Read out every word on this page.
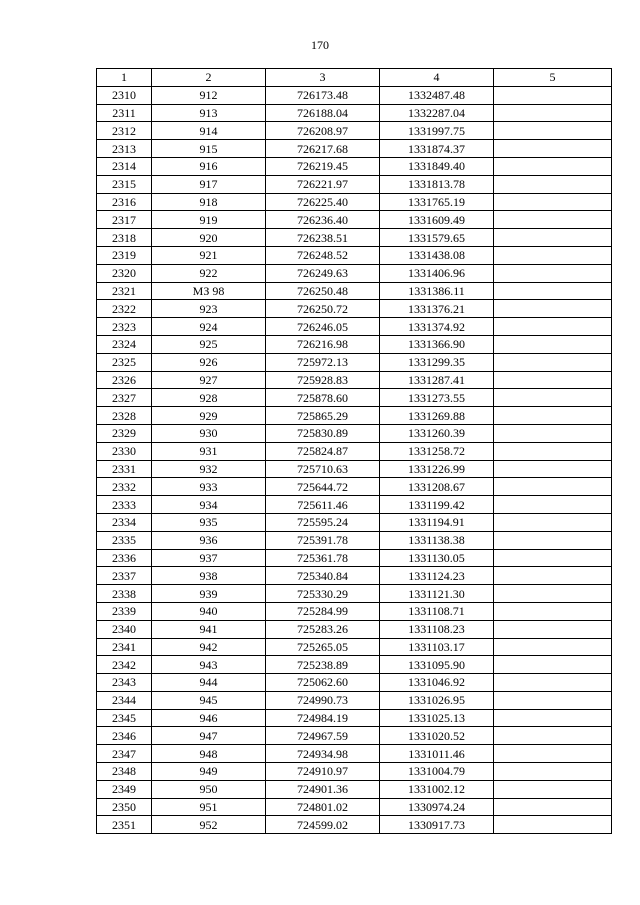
170
1	2	3	4	5
2310	912	726173.48	1332487.48	
2311	913	726188.04	1332287.04	
2312	914	726208.97	1331997.75	
2313	915	726217.68	1331874.37	
2314	916	726219.45	1331849.40	
2315	917	726221.97	1331813.78	
2316	918	726225.40	1331765.19	
2317	919	726236.40	1331609.49	
2318	920	726238.51	1331579.65	
2319	921	726248.52	1331438.08	
2320	922	726249.63	1331406.96	
2321	МЗ 98	726250.48	1331386.11	
2322	923	726250.72	1331376.21	
2323	924	726246.05	1331374.92	
2324	925	726216.98	1331366.90	
2325	926	725972.13	1331299.35	
2326	927	725928.83	1331287.41	
2327	928	725878.60	1331273.55	
2328	929	725865.29	1331269.88	
2329	930	725830.89	1331260.39	
2330	931	725824.87	1331258.72	
2331	932	725710.63	1331226.99	
2332	933	725644.72	1331208.67	
2333	934	725611.46	1331199.42	
2334	935	725595.24	1331194.91	
2335	936	725391.78	1331138.38	
2336	937	725361.78	1331130.05	
2337	938	725340.84	1331124.23	
2338	939	725330.29	1331121.30	
2339	940	725284.99	1331108.71	
2340	941	725283.26	1331108.23	
2341	942	725265.05	1331103.17	
2342	943	725238.89	1331095.90	
2343	944	725062.60	1331046.92	
2344	945	724990.73	1331026.95	
2345	946	724984.19	1331025.13	
2346	947	724967.59	1331020.52	
2347	948	724934.98	1331011.46	
2348	949	724910.97	1331004.79	
2349	950	724901.36	1331002.12	
2350	951	724801.02	1330974.24	
2351	952	724599.02	1330917.73	
